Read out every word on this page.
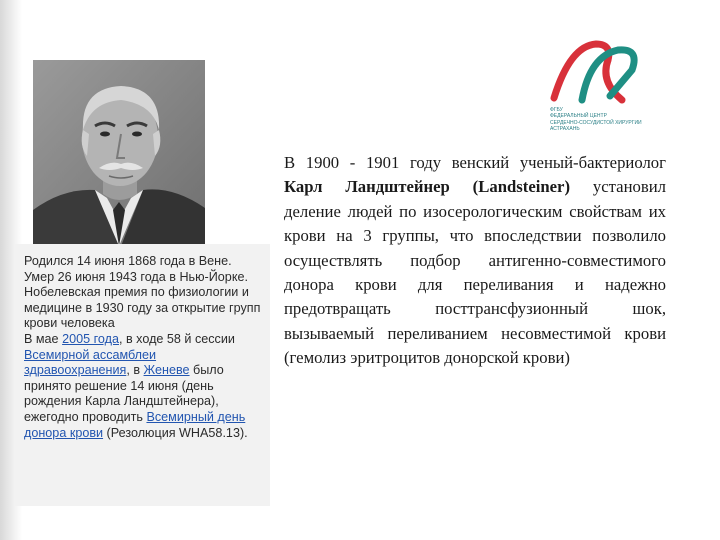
Родился 14 июня 1868 года в Вене.

Умер 26 июня 1943 года в Нью-Йорке.

Нобелевская премия по физиологии и медицине в 1930 году за открытие групп крови человека

В мае 2005 года, в ходе 58 й сессии Всемирной ассамблеи здравоохранения, в Женеве было принято решение 14 июня (день рождения Карла Ландштейнера), ежегодно проводить Всемирный день донора крови (Резолюция WHA58.13).

ФГБУ
ФЕДЕРАЛЬНЫЙ ЦЕНТР
СЕРДЕЧНО-СОСУДИСТОЙ ХИРУРГИИ
АСТРАХАНЬ

В 1900 - 1901 году венский ученый-бактериолог Карл Ландштейнер (Landsteiner) установил деление людей по изосерологическим свойствам их крови на 3 группы, что впоследствии позволило осуществлять подбор антигенно-совместимого донора крови для переливания и надежно предотвращать посттрансфузионный шок, вызываемый переливанием несовместимой крови (гемолиз эритроцитов донорской крови)
